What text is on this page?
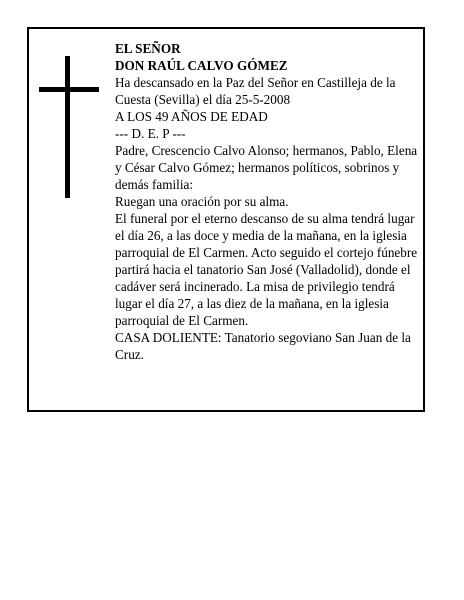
EL SEÑOR
DON RAÚL CALVO GÓMEZ
Ha descansado en la Paz del Señor en Castilleja de la Cuesta (Sevilla) el día 25-5-2008
A LOS 49 AÑOS DE EDAD
--- D. E. P ---
Padre, Crescencio Calvo Alonso; hermanos, Pablo, Elena y César Calvo Gómez; hermanos políticos, sobrinos y demás familia:
Ruegan una oración por su alma.
El funeral por el eterno descanso de su alma tendrá lugar el día 26, a las doce y media de la mañana, en la iglesia parroquial de El Carmen. Acto seguido el cortejo fúnebre partirá hacia el tanatorio San José (Valladolid), donde el cadáver será incinerado. La misa de privilegio tendrá lugar el día 27, a las diez de la mañana, en la iglesia parroquial de El Carmen.
CASA DOLIENTE: Tanatorio segoviano San Juan de la Cruz.
